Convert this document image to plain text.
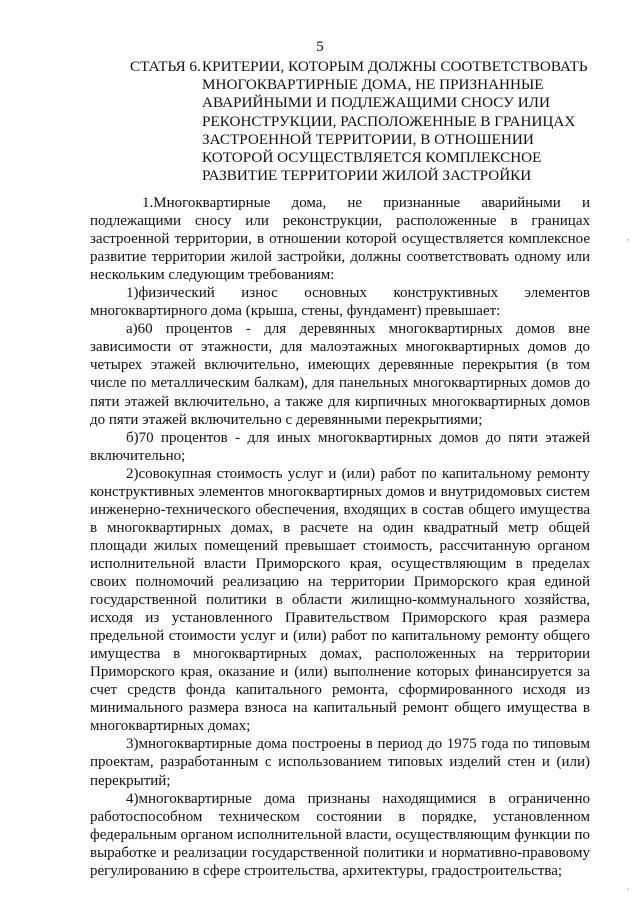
5
СТАТЬЯ 6.КРИТЕРИИ, КОТОРЫМ ДОЛЖНЫ СООТВЕТСТВОВАТЬ МНОГОКВАРТИРНЫЕ ДОМА, НЕ ПРИЗНАННЫЕ АВАРИЙНЫМИ И ПОДЛЕЖАЩИМИ СНОСУ ИЛИ РЕКОНСТРУКЦИИ, РАСПОЛОЖЕННЫЕ В ГРАНИЦАХ ЗАСТРОЕННОЙ ТЕРРИТОРИИ, В ОТНОШЕНИИ КОТОРОЙ ОСУЩЕСТВЛЯЕТСЯ КОМПЛЕКСНОЕ РАЗВИТИЕ ТЕРРИТОРИИ ЖИЛОЙ ЗАСТРОЙКИ

1.Многоквартирные дома, не признанные аварийными и подлежащими сносу или реконструкции, расположенные в границах застроенной территории, в отношении которой осуществляется комплексное развитие территории жилой застройки, должны соответствовать одному или нескольким следующим требованиям:

1)физический износ основных конструктивных элементов многоквартирного дома (крыша, стены, фундамент) превышает:

а)60 процентов - для деревянных многоквартирных домов вне зависимости от этажности, для малоэтажных многоквартирных домов до четырех этажей включительно, имеющих деревянные перекрытия (в том числе по металлическим балкам), для панельных многоквартирных домов до пяти этажей включительно, а также для кирпичных многоквартирных домов до пяти этажей включительно с деревянными перекрытиями;

б)70 процентов - для иных многоквартирных домов до пяти этажей включительно;

2)совокупная стоимость услуг и (или) работ по капитальному ремонту конструктивных элементов многоквартирных домов и внутридомовых систем инженерно-технического обеспечения, входящих в состав общего имущества в многоквартирных домах, в расчете на один квадратный метр общей площади жилых помещений превышает стоимость, рассчитанную органом исполнительной власти Приморского края, осуществляющим в пределах своих полномочий реализацию на территории Приморского края единой государственной политики в области жилищно-коммунального хозяйства, исходя из установленного Правительством Приморского края размера предельной стоимости услуг и (или) работ по капитальному ремонту общего имущества в многоквартирных домах, расположенных на территории Приморского края, оказание и (или) выполнение которых финансируется за счет средств фонда капитального ремонта, сформированного исходя из минимального размера взноса на капитальный ремонт общего имущества в многоквартирных домах;

3)многоквартирные дома построены в период до 1975 года по типовым проектам, разработанным с использованием типовых изделий стен и (или) перекрытий;

4)многоквартирные дома признаны находящимися в ограниченно работоспособном техническом состоянии в порядке, установленном федеральным органом исполнительной власти, осуществляющим функции по выработке и реализации государственной политики и нормативно-правовому регулированию в сфере строительства, архитектуры, градостроительства;

,
'
